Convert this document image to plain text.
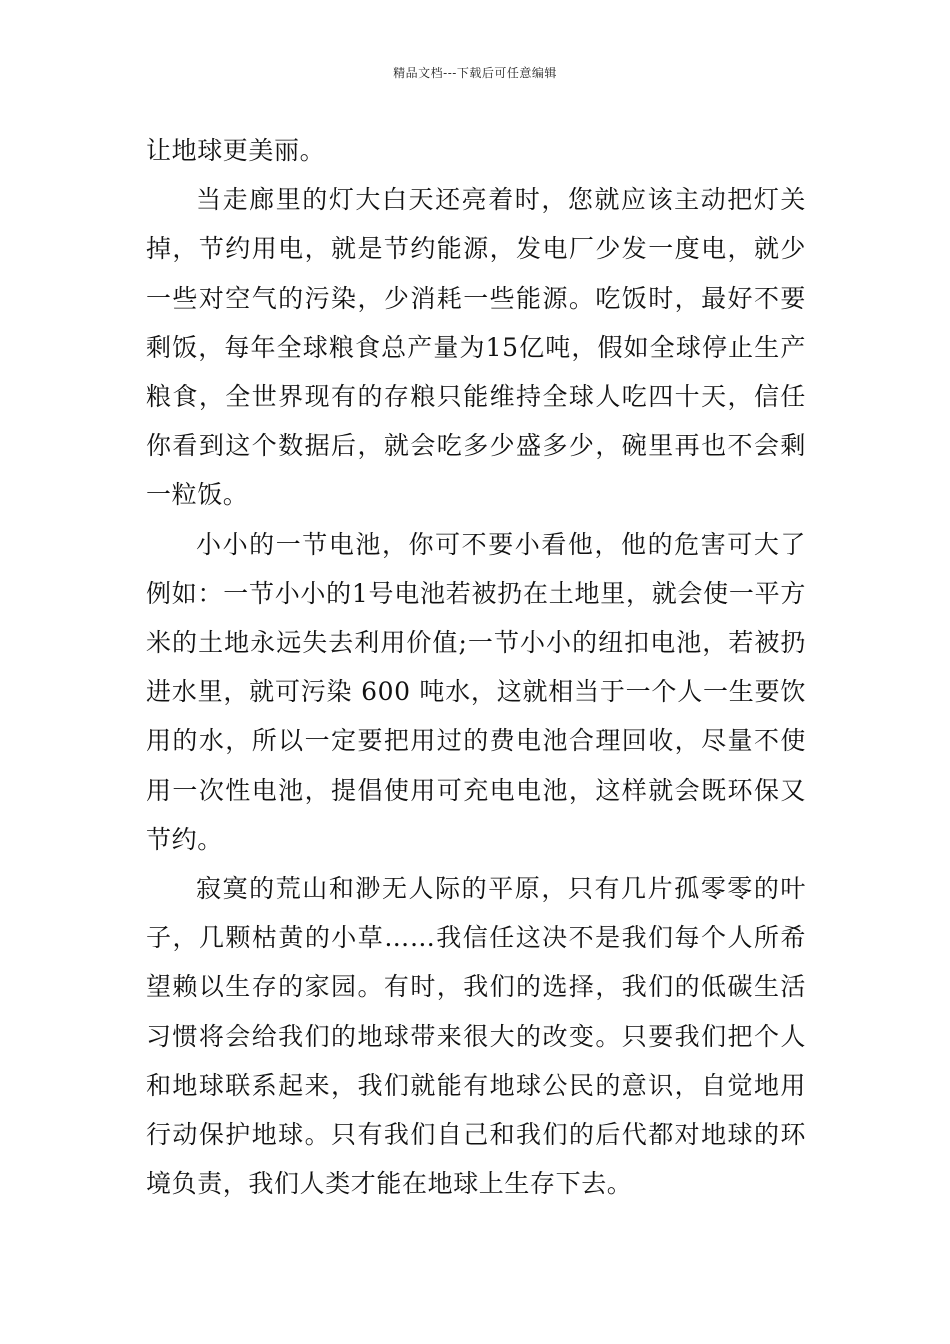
精品文档---下载后可任意编辑

让地球更美丽。

当走廊里的灯大白天还亮着时，您就应该主动把灯关掉，节约用电，就是节约能源，发电厂少发一度电，就少一些对空气的污染，少消耗一些能源。吃饭时，最好不要剩饭，每年全球粮食总产量为15亿吨，假如全球停止生产粮食，全世界现有的存粮只能维持全球人吃四十天，信任你看到这个数据后，就会吃多少盛多少，碗里再也不会剩一粒饭。

小小的一节电池，你可不要小看他，他的危害可大了例如：一节小小的1号电池若被扔在土地里，就会使一平方米的土地永远失去利用价值;一节小小的纽扣电池，若被扔进水里，就可污染 600 吨水，这就相当于一个人一生要饮用的水，所以一定要把用过的费电池合理回收，尽量不使用一次性电池，提倡使用可充电电池，这样就会既环保又节约。

寂寞的荒山和渺无人际的平原，只有几片孤零零的叶子，几颗枯黄的小草……我信任这决不是我们每个人所希望赖以生存的家园。有时，我们的选择，我们的低碳生活习惯将会给我们的地球带来很大的改变。只要我们把个人和地球联系起来，我们就能有地球公民的意识，自觉地用行动保护地球。只有我们自己和我们的后代都对地球的环境负责，我们人类才能在地球上生存下去。
